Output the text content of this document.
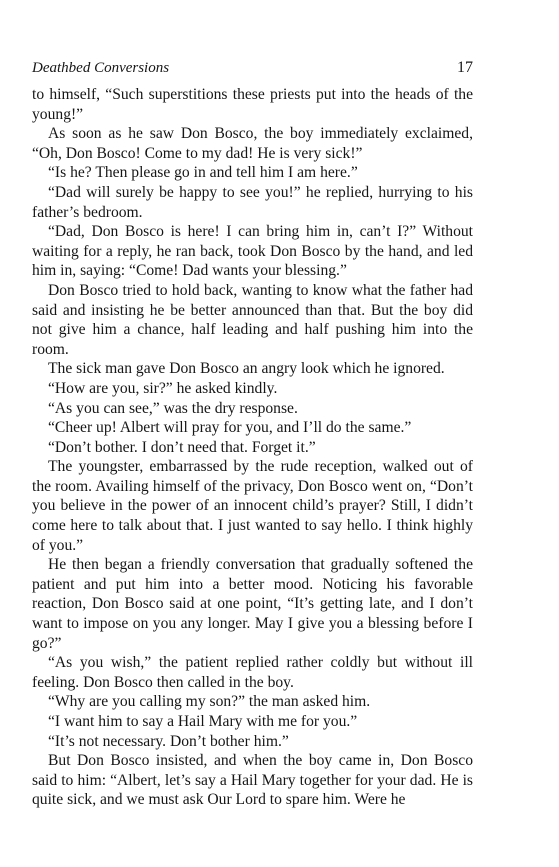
Deathbed Conversions	17

to himself, “Such superstitions these priests put into the heads of the young!”

As soon as he saw Don Bosco, the boy immediately exclaimed, “Oh, Don Bosco! Come to my dad! He is very sick!”

“Is he? Then please go in and tell him I am here.”

“Dad will surely be happy to see you!” he replied, hurrying to his father’s bedroom.

“Dad, Don Bosco is here! I can bring him in, can’t I?” Without waiting for a reply, he ran back, took Don Bosco by the hand, and led him in, saying: “Come! Dad wants your blessing.”

Don Bosco tried to hold back, wanting to know what the father had said and insisting he be better announced than that. But the boy did not give him a chance, half leading and half pushing him into the room.

The sick man gave Don Bosco an angry look which he ignored.

“How are you, sir?” he asked kindly.

“As you can see,” was the dry response.

“Cheer up! Albert will pray for you, and I’ll do the same.”

“Don’t bother. I don’t need that. Forget it.”

The youngster, embarrassed by the rude reception, walked out of the room. Availing himself of the privacy, Don Bosco went on, “Don’t you believe in the power of an innocent child’s prayer? Still, I didn’t come here to talk about that. I just wanted to say hello. I think highly of you.”

He then began a friendly conversation that gradually softened the patient and put him into a better mood. Noticing his favorable reaction, Don Bosco said at one point, “It’s getting late, and I don’t want to impose on you any longer. May I give you a blessing before I go?”

“As you wish,” the patient replied rather coldly but without ill feeling. Don Bosco then called in the boy.

“Why are you calling my son?” the man asked him.

“I want him to say a Hail Mary with me for you.”

“It’s not necessary. Don’t bother him.”

But Don Bosco insisted, and when the boy came in, Don Bosco said to him: “Albert, let’s say a Hail Mary together for your dad. He is quite sick, and we must ask Our Lord to spare him. Were he
